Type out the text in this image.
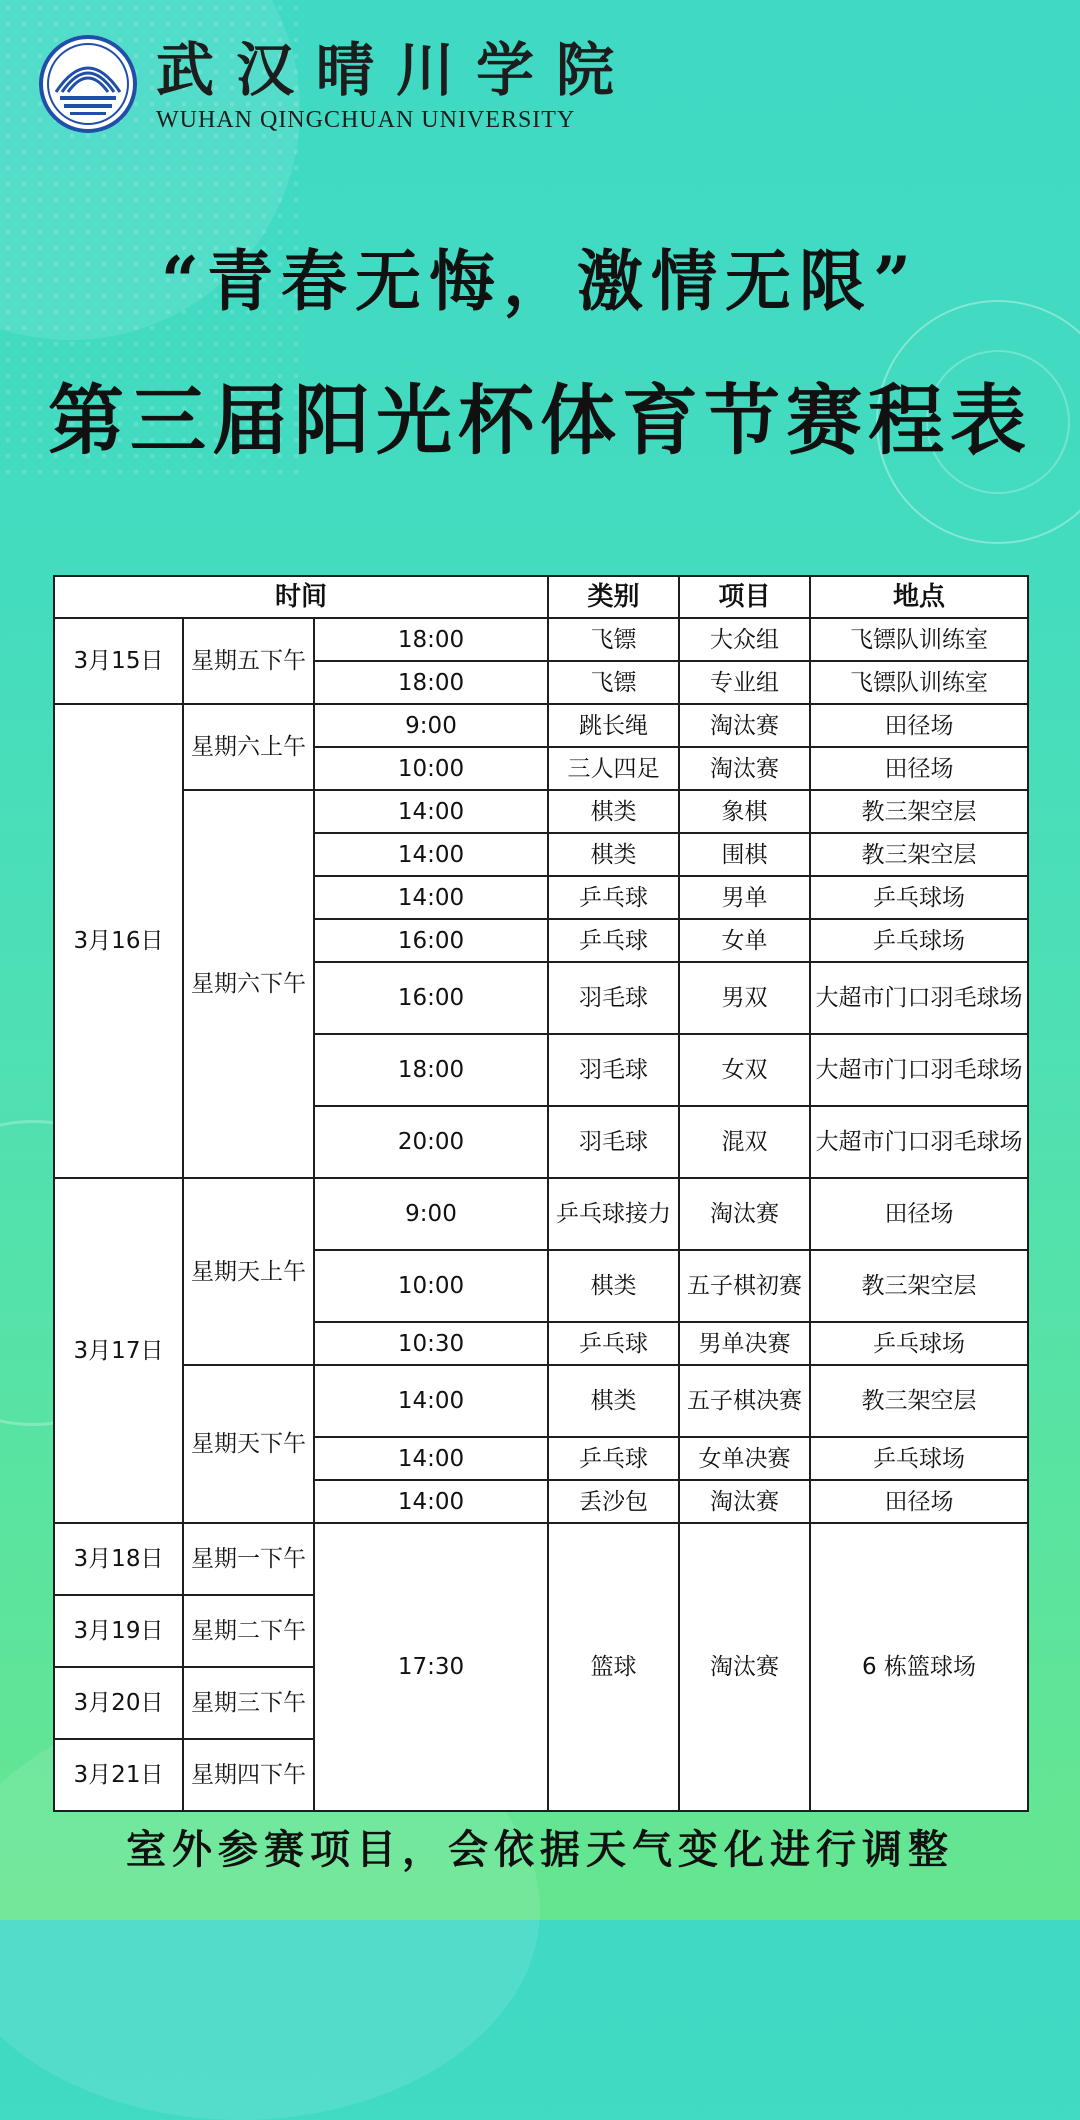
武汉晴川学院
WUHAN QINGCHUAN UNIVERSITY
“青春无悔，激情无限”
第三届阳光杯体育节赛程表
时间			类别	项目	地点
3月15日	星期五下午	18:00	飞镖	大众组	飞镖队训练室
		18:00	飞镖	专业组	飞镖队训练室
3月16日	星期六上午	9:00	跳长绳	淘汰赛	田径场
		10:00	三人四足	淘汰赛	田径场
	星期六下午	14:00	棋类	象棋	教三架空层
		14:00	棋类	围棋	教三架空层
		14:00	乒乓球	男单	乒乓球场
		16:00	乒乓球	女单	乒乓球场
		16:00	羽毛球	男双	大超市门口羽毛球场
		18:00	羽毛球	女双	大超市门口羽毛球场
		20:00	羽毛球	混双	大超市门口羽毛球场
3月17日	星期天上午	9:00	乒乓球接力	淘汰赛	田径场
		10:00	棋类	五子棋初赛	教三架空层
		10:30	乒乓球	男单决赛	乒乓球场
	星期天下午	14:00	棋类	五子棋决赛	教三架空层
		14:00	乒乓球	女单决赛	乒乓球场
		14:00	丢沙包	淘汰赛	田径场
3月18日	星期一下午	17:30	篮球	淘汰赛	6 栋篮球场
3月19日	星期二下午				
3月20日	星期三下午				
3月21日	星期四下午				
室外参赛项目，会依据天气变化进行调整
